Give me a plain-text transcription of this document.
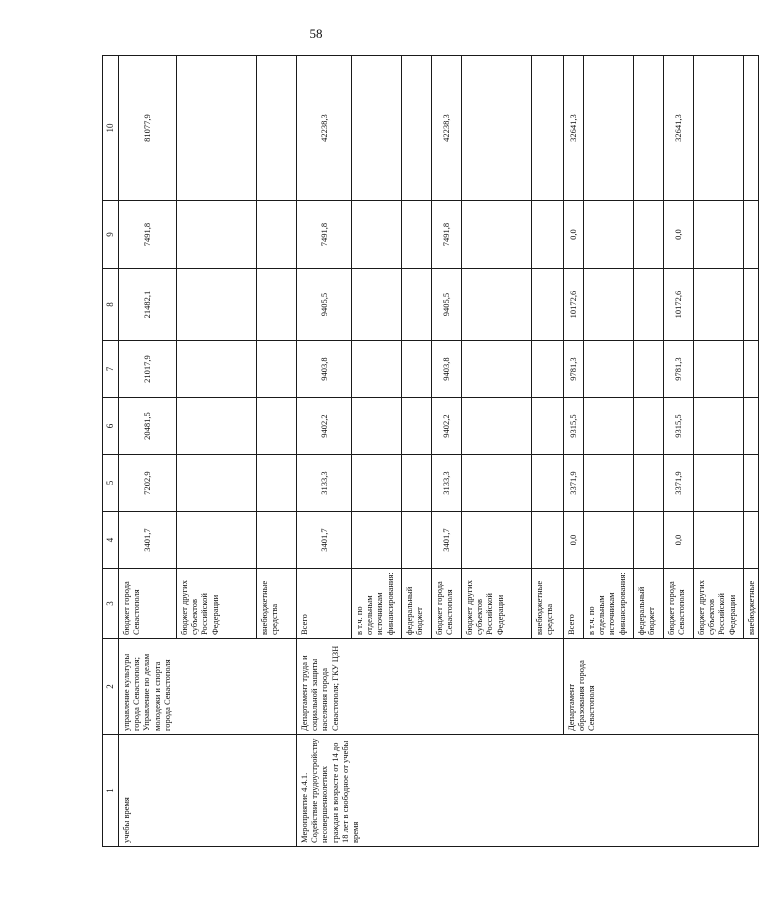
58
1	2	3	4	5	6	7	8	9	10
учебы время	управление культуры города Севастополя; Управление по делам молодежи и спорта города Севастополя	бюджет города Севастополя	3401,7	7202,9	20481,5	21017,9	21482,1	7491,8	81077,9
		бюджет других субъектов Российской Федерации							
		внебюджетные средства							
Мероприятие 4.4.1. Содействие трудоустройству несовершеннолетних граждан в возрасте от 14 до 18 лет в свободное от учебы время	Департамент труда и социальной защиты населения города Севастополя; ГКУ ЦЗН	Всего	3401,7	3133,3	9402,2	9403,8	9405,5	7491,8	42238,3
		в т.ч. по отдельным источникам финансирования:							
		федеральный бюджет							
		бюджет города Севастополя	3401,7	3133,3	9402,2	9403,8	9405,5	7491,8	42238,3
		бюджет других субъектов Российской Федерации							
		внебюджетные средства							
	Департамент образования города Севастополя	Всего	0,0	3371,9	9315,5	9781,3	10172,6	0,0	32641,3
		в т.ч. по отдельным источникам финансирования:							
		федеральный бюджет							
		бюджет города Севастополя	0,0	3371,9	9315,5	9781,3	10172,6	0,0	32641,3
		бюджет других субъектов Российской Федерации							
		внебюджетные							
